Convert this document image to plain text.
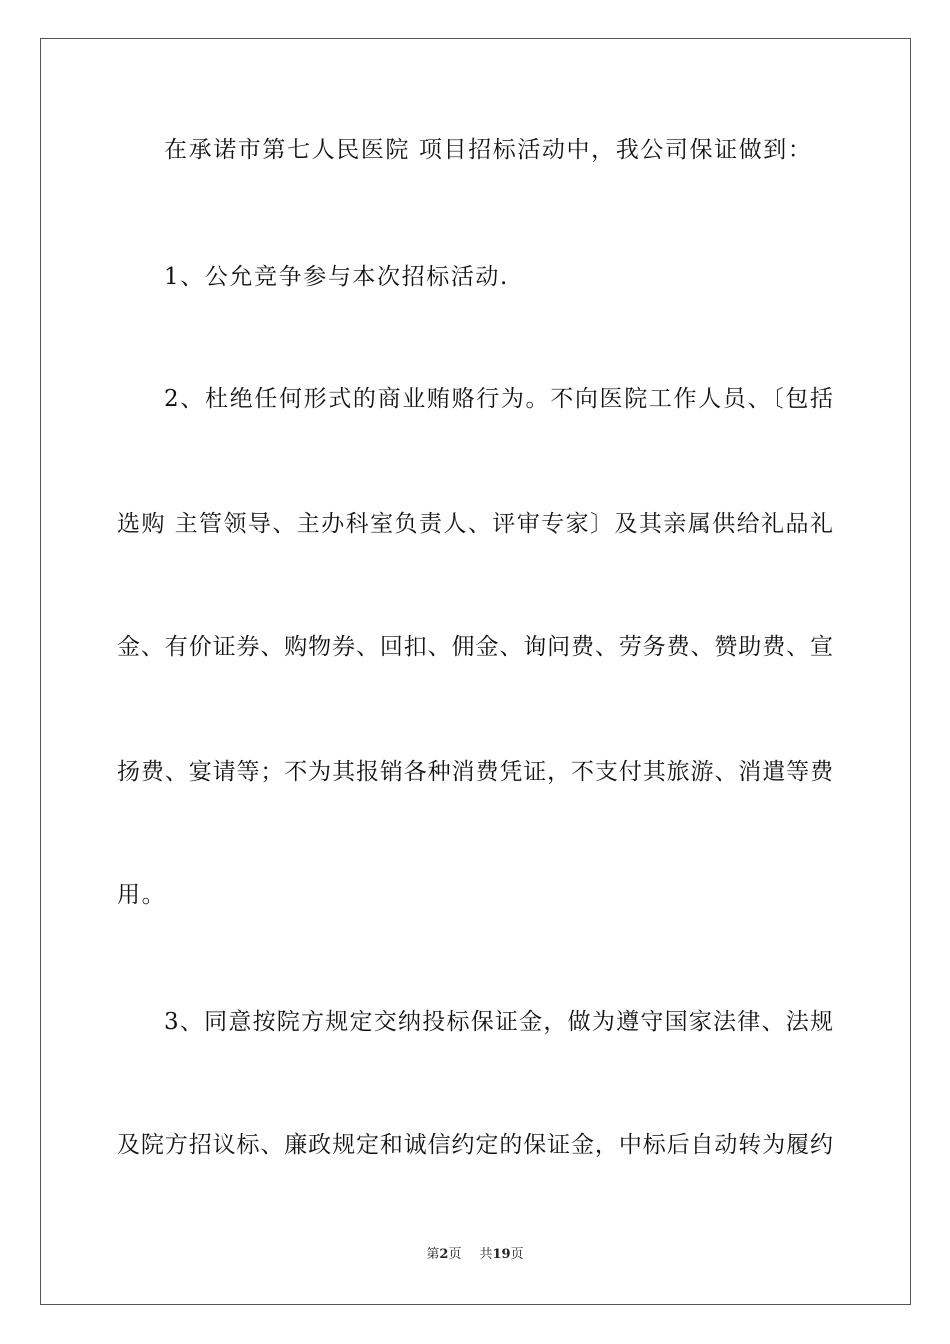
在承诺市第七人民医院 项目招标活动中，我公司保证做到：
1、公允竞争参与本次招标活动.
2、杜绝任何形式的商业贿赂行为。不向医院工作人员、〔包括
选购 主管领导、主办科室负责人、评审专家〕及其亲属供给礼品礼
金、有价证券、购物券、回扣、佣金、询问费、劳务费、赞助费、宣
扬费、宴请等；不为其报销各种消费凭证，不支付其旅游、消遣等费
用。
3、同意按院方规定交纳投标保证金，做为遵守国家法律、法规
及院方招议标、廉政规定和诚信约定的保证金，中标后自动转为履约
第2页 共19页
